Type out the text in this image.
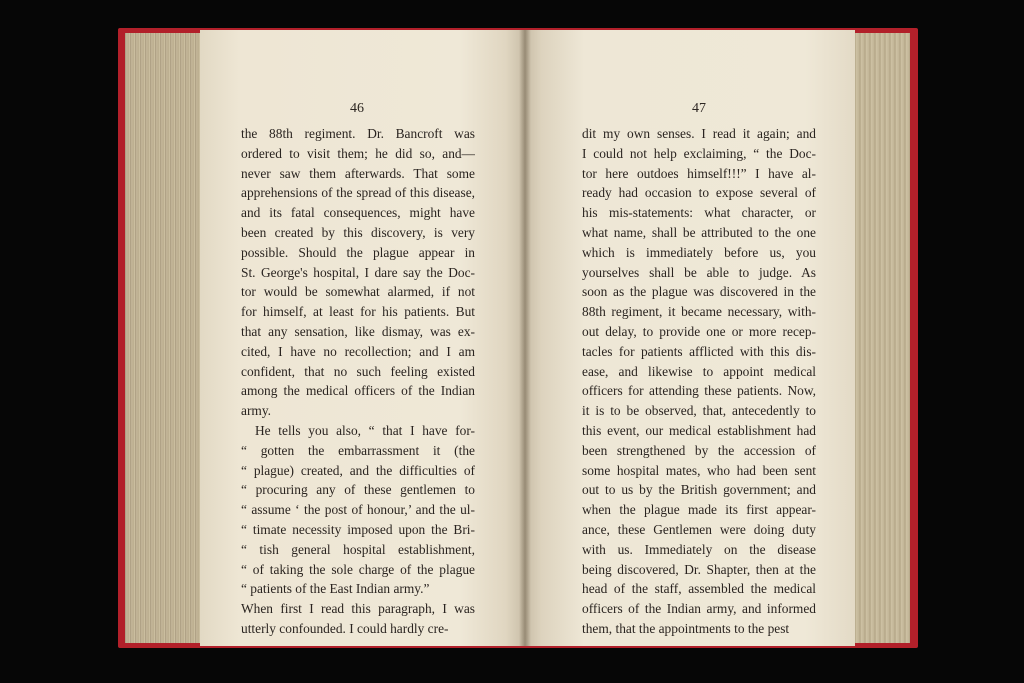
46	47
the 88th regiment. Dr. Bancroft was
ordered to visit them; he did so, and—
never saw them afterwards. That some
apprehensions of the spread of this disease,
and its fatal consequences, might have
been created by this discovery, is very
possible. Should the plague appear in
St. George's hospital, I dare say the Doc-
tor would be somewhat alarmed, if not
for himself, at least for his patients. But
that any sensation, like dismay, was ex-
cited, I have no recollection; and I am
confident, that no such feeling existed
among the medical officers of the Indian
army.
He tells you also, “ that I have for-
“ gotten the embarrassment it (the
“ plague) created, and the difficulties of
“ procuring any of these gentlemen to
“ assume ‘ the post of honour,’ and the ul-
“ timate necessity imposed upon the Bri-
“ tish general hospital establishment,
“ of taking the sole charge of the plague
“ patients of the East Indian army.”
When first I read this paragraph, I was
utterly confounded. I could hardly cre-
dit my own senses. I read it again; and
I could not help exclaiming, “ the Doc-
tor here outdoes himself!!!” I have al-
ready had occasion to expose several of
his mis-statements: what character, or
what name, shall be attributed to the one
which is immediately before us, you
yourselves shall be able to judge. As
soon as the plague was discovered in the
88th regiment, it became necessary, with-
out delay, to provide one or more recep-
tacles for patients afflicted with this dis-
ease, and likewise to appoint medical
officers for attending these patients. Now,
it is to be observed, that, antecedently to
this event, our medical establishment had
been strengthened by the accession of
some hospital mates, who had been sent
out to us by the British government; and
when the plague made its first appear-
ance, these Gentlemen were doing duty
with us. Immediately on the disease
being discovered, Dr. Shapter, then at the
head of the staff, assembled the medical
officers of the Indian army, and informed
them, that the appointments to the pest
